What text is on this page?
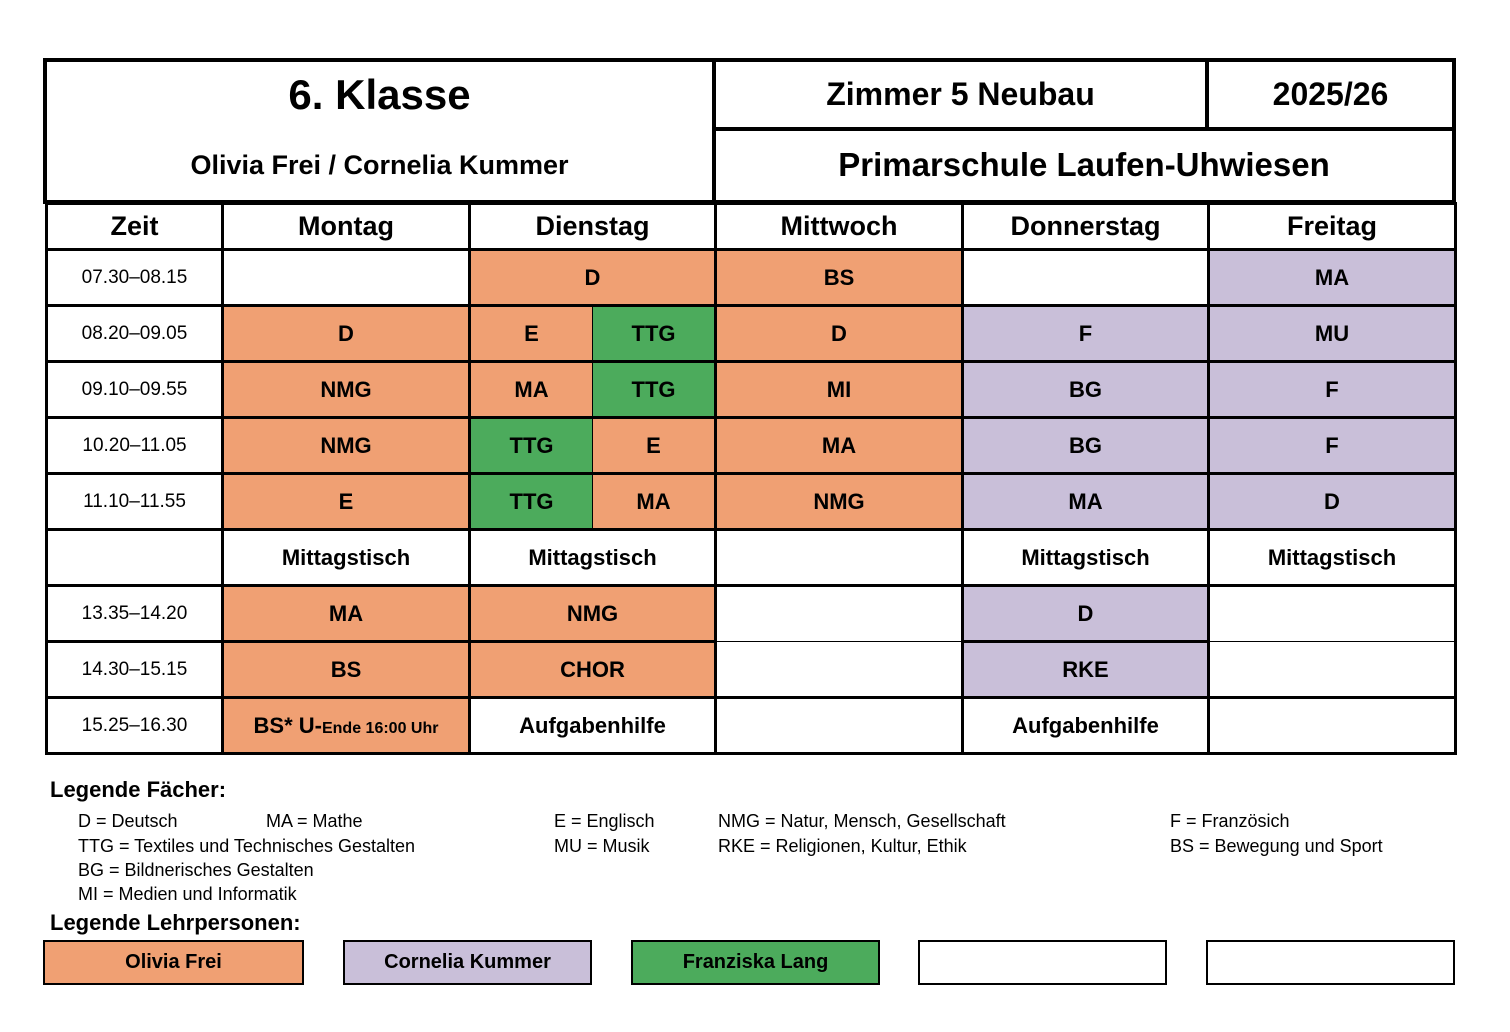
6. Klasse
Olivia Frei / Cornelia Kummer
Zimmer 5 Neubau	2025/26
Primarschule Laufen-Uhwiesen
Zeit	Montag	Dienstag		Mittwoch	Donnerstag	Freitag
07.30–08.15		D		BS		MA
08.20–09.05	D	E	TTG	D	F	MU
09.10–09.55	NMG	MA	TTG	MI	BG	F
10.20–11.05	NMG	TTG	E	MA	BG	F
11.10–11.55	E	TTG	MA	NMG	MA	D
	Mittagstisch	Mittagstisch			Mittagstisch	Mittagstisch
13.35–14.20	MA	NMG			D	
14.30–15.15	BS	CHOR			RKE	
15.25–16.30	BS* U-Ende 16:00 Uhr	Aufgabenhilfe			Aufgabenhilfe	
Legende Fächer:
D = Deutsch	MA = Mathe	E = Englisch	NMG = Natur, Mensch, Gesellschaft	F = Französich
TTG = Textiles und Technisches Gestalten	MU = Musik	RKE = Religionen, Kultur, Ethik	BS = Bewegung und Sport
BG = Bildnerisches Gestalten
MI = Medien und Informatik
Legende Lehrpersonen:
Olivia Frei	Cornelia Kummer	Franziska Lang
